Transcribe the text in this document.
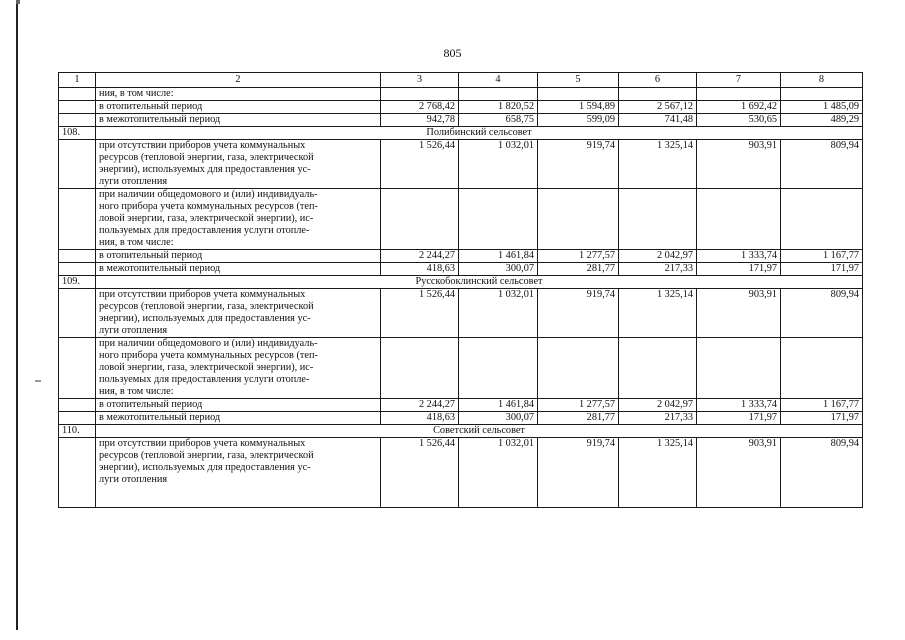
805
1	2	3	4	5	6	7	8
	ния, в том числе:						
	в отопительный период	2 768,42	1 820,52	1 594,89	2 567,12	1 692,42	1 485,09
	в межотопительный период	942,78	658,75	599,09	741,48	530,65	489,29
108.	Полибинский сельсовет						

	при отсутствии приборов учета коммунальных
ресурсов (тепловой энергии, газа, электрической
энергии), используемых для предоставления ус-
луги отопления	1 526,44	1 032,01	919,74	1 325,14	903,91	809,94

	при наличии общедомового и (или) индивидуаль-
ного прибора учета коммунальных ресурсов (теп-
ловой энергии, газа, электрической энергии), ис-
пользуемых для предоставления услуги отопле-
ния, в том числе:						

	в отопительный период	2 244,27	1 461,84	1 277,57	2 042,97	1 333,74	1 167,77
	в межотопительный период	418,63	300,07	281,77	217,33	171,97	171,97
109.	Русскобоклинский сельсовет						

	при отсутствии приборов учета коммунальных
ресурсов (тепловой энергии, газа, электрической
энергии), используемых для предоставления ус-
луги отопления	1 526,44	1 032,01	919,74	1 325,14	903,91	809,94

	при наличии общедомового и (или) индивидуаль-
ного прибора учета коммунальных ресурсов (теп-
ловой энергии, газа, электрической энергии), ис-
пользуемых для предоставления услуги отопле-
ния, в том числе:						

	в отопительный период	2 244,27	1 461,84	1 277,57	2 042,97	1 333,74	1 167,77
	в межотопительный период	418,63	300,07	281,77	217,33	171,97	171,97
110.	Советский сельсовет						

	при отсутствии приборов учета коммунальных
ресурсов (тепловой энергии, газа, электрической
энергии), используемых для предоставления ус-
луги отопления	1 526,44	1 032,01	919,74	1 325,14	903,91	809,94
